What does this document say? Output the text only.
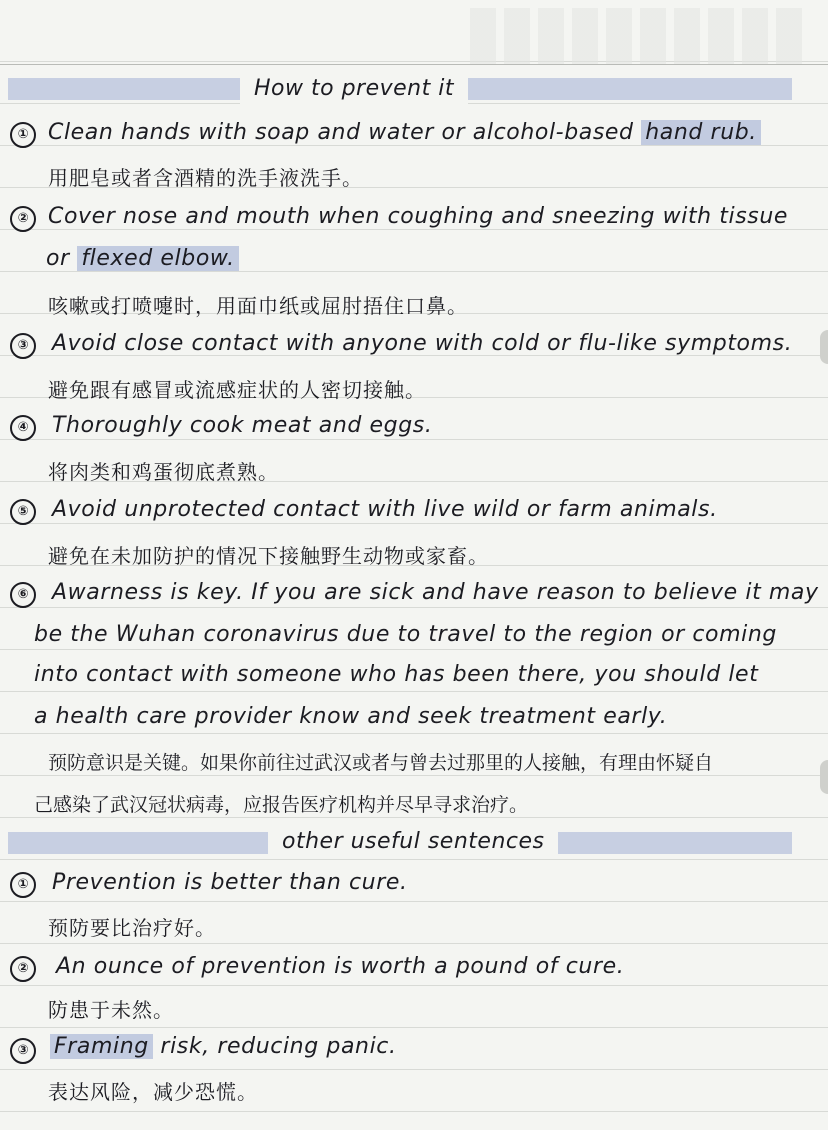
How to prevent it
① Clean hands with soap and water or alcohol-based hand rub.
用肥皂或者含酒精的洗手液洗手。
② Cover nose and mouth when coughing and sneezing with tissue
or flexed elbow.
咳嗽或打喷嚏时，用面巾纸或屈肘捂住口鼻。
③	Avoid close contact with anyone with cold or flu-like symptoms.
避免跟有感冒或流感症状的人密切接触。
④	Thoroughly cook meat and eggs.
将肉类和鸡蛋彻底煮熟。
⑤	Avoid unprotected contact with live wild or farm animals.
避免在未加防护的情况下接触野生动物或家畜。
⑥	Awarness is key. If you are sick and have reason to believe it may
be the Wuhan coronavirus due to travel to the region or coming
into contact with someone who has been there, you should let
a health care provider know and seek treatment early.
预防意识是关键。如果你前往过武汉或者与曾去过那里的人接触，有理由怀疑自
己感染了武汉冠状病毒，应报告医疗机构并尽早寻求治疗。
other useful sentences
①	Prevention is better than cure.
预防要比治疗好。
②	An ounce of prevention is worth a pound of cure.
防患于未然。
③	Framing risk, reducing panic.
表达风险，减少恐慌。
